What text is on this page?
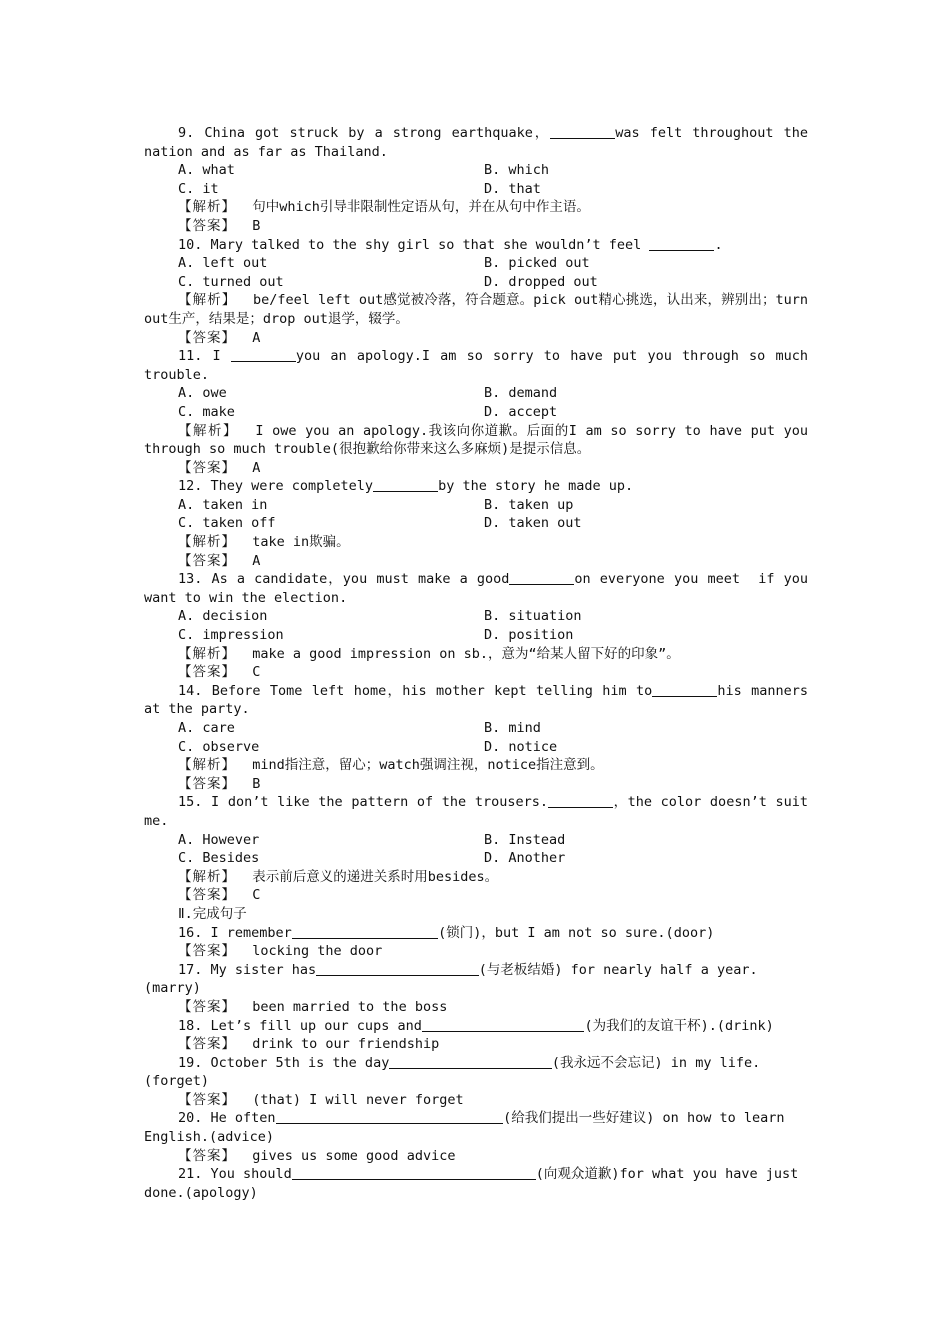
9. China got struck by a strong earthquake，	was felt throughout the nation and as far as Thailand.

A. what	B. which
C. it	D. that

【解析】 句中which引导非限制性定语从句，并在从句中作主语。

【答案】 B

10. Mary talked to the shy girl so that she wouldn’t feel	.

A. left out	B. picked out
C. turned out	D. dropped out

【解析】 be/feel left out感觉被冷落，符合题意。pick out精心挑选，认出来，辨别出；turn out生产，结果是；drop out退学，辍学。

【答案】 A

11. I	you an apology.I am so sorry to have put you through so much trouble.

A. owe	B. demand
C. make	D. accept

【解析】 I owe you an apology.我该向你道歉。后面的I am so sorry to have put you through so much trouble(很抱歉给你带来这么多麻烦)是提示信息。

【答案】 A

12. They were completely	by the story he made up.

A. taken in	B. taken up
C. taken off	D. taken out

【解析】 take in欺骗。

【答案】 A

13. As a candidate，you must make a good	on everyone you meet  if you want to win the election.

A. decision	B. situation
C. impression	D. position

【解析】 make a good impression on sb.，意为“给某人留下好的印象”。

【答案】 C

14. Before Tome left home，his mother kept telling him to	his manners at the party.

A. care	B. mind
C. observe	D. notice

【解析】 mind指注意，留心；watch强调注视，notice指注意到。

【答案】 B

15. I don’t like the pattern of the trousers.	，the color doesn’t suit me.

A. However	B. Instead
C. Besides	D. Another

【解析】 表示前后意义的递进关系时用besides。

【答案】 C

Ⅱ.完成句子

16. I remember	(锁门)，but I am not so sure.(door)

【答案】 locking the door

17. My sister has	(与老板结婚) for nearly half a year.(marry)

【答案】 been married to the boss

18. Let’s fill up our cups and	(为我们的友谊干杯).(drink)

【答案】 drink to our friendship

19. October 5th is the day	(我永远不会忘记) in my life.(forget)

【答案】 (that) I will never forget

20. He often	(给我们提出一些好建议) on how to learn English.(advice)

【答案】 gives us some good advice

21. You should	(向观众道歉)for what you have just done.(apology)
